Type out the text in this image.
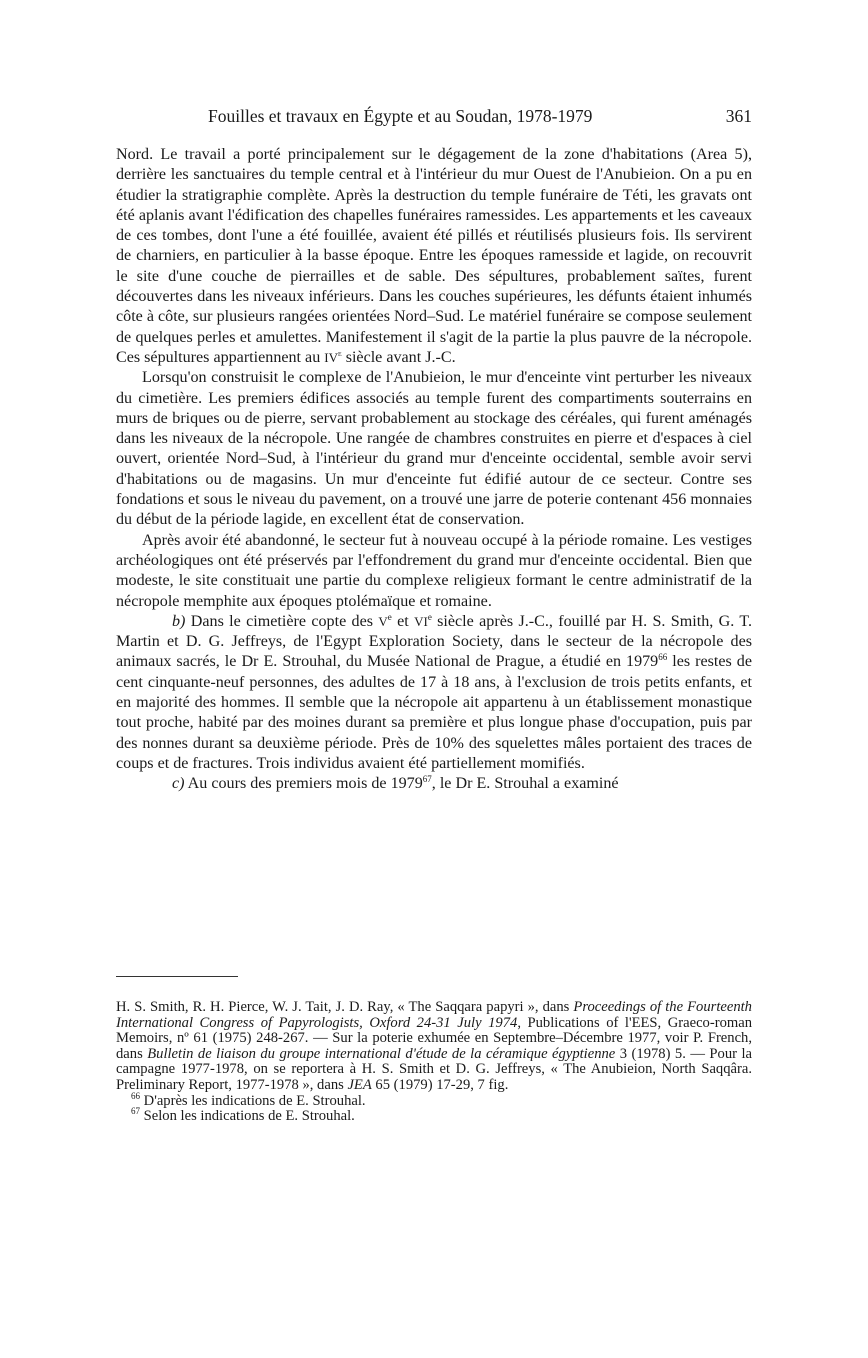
Fouilles et travaux en Égypte et au Soudan, 1978-1979	361

Nord. Le travail a porté principalement sur le dégagement de la zone d'habitations (Area 5), derrière les sanctuaires du temple central et à l'intérieur du mur Ouest de l'Anubieion. On a pu en étudier la stratigraphie complète. Après la destruction du temple funéraire de Téti, les gravats ont été aplanis avant l'édification des chapelles funéraires ramessides. Les appartements et les caveaux de ces tombes, dont l'une a été fouillée, avaient été pillés et réutilisés plusieurs fois. Ils servirent de charniers, en particulier à la basse époque. Entre les époques ramesside et lagide, on recouvrit le site d'une couche de pierrailles et de sable. Des sépultures, probablement saïtes, furent découvertes dans les niveaux inférieurs. Dans les couches supérieures, les défunts étaient inhumés côte à côte, sur plusieurs rangées orientées Nord–Sud. Le matériel funéraire se compose seulement de quelques perles et amulettes. Manifestement il s'agit de la partie la plus pauvre de la nécropole. Ces sépultures appartiennent au IVe siècle avant J.-C.

Lorsqu'on construisit le complexe de l'Anubieion, le mur d'enceinte vint perturber les niveaux du cimetière. Les premiers édifices associés au temple furent des compartiments souterrains en murs de briques ou de pierre, servant probablement au stockage des céréales, qui furent aménagés dans les niveaux de la nécropole. Une rangée de chambres construites en pierre et d'espaces à ciel ouvert, orientée Nord–Sud, à l'intérieur du grand mur d'enceinte occidental, semble avoir servi d'habitations ou de magasins. Un mur d'enceinte fut édifié autour de ce secteur. Contre ses fondations et sous le niveau du pavement, on a trouvé une jarre de poterie contenant 456 monnaies du début de la période lagide, en excellent état de conservation.

Après avoir été abandonné, le secteur fut à nouveau occupé à la période romaine. Les vestiges archéologiques ont été préservés par l'effondrement du grand mur d'enceinte occidental. Bien que modeste, le site constituait une partie du complexe religieux formant le centre administratif de la nécropole memphite aux époques ptolémaïque et romaine.

b) Dans le cimetière copte des Ve et VIe siècle après J.-C., fouillé par H. S. Smith, G. T. Martin et D. G. Jeffreys, de l'Egypt Exploration Society, dans le secteur de la nécropole des animaux sacrés, le Dr E. Strouhal, du Musée National de Prague, a étudié en 1979$^{66}$ les restes de cent cinquante-neuf personnes, des adultes de 17 à 18 ans, à l'exclusion de trois petits enfants, et en majorité des hommes. Il semble que la nécropole ait appartenu à un établissement monastique tout proche, habité par des moines durant sa première et plus longue phase d'occupation, puis par des nonnes durant sa deuxième période. Près de 10% des squelettes mâles portaient des traces de coups et de fractures. Trois individus avaient été partiellement momifiés.

c) Au cours des premiers mois de 1979$^{67}$, le Dr E. Strouhal a examiné

H. S. Smith, R. H. Pierce, W. J. Tait, J. D. Ray, « The Saqqara papyri », dans Proceedings of the Fourteenth International Congress of Papyrologists, Oxford 24-31 July 1974, Publications of l'EES, Graeco-roman Memoirs, nº 61 (1975) 248-267. — Sur la poterie exhumée en Septembre–Décembre 1977, voir P. French, dans Bulletin de liaison du groupe international d'étude de la céramique égyptienne 3 (1978) 5. — Pour la campagne 1977-1978, on se reportera à H. S. Smith et D. G. Jeffreys, « The Anubieion, North Saqqâra. Preliminary Report, 1977-1978 », dans JEA 65 (1979) 17-29, 7 fig.

$^{66}$ D'après les indications de E. Strouhal.

$^{67}$ Selon les indications de E. Strouhal.
